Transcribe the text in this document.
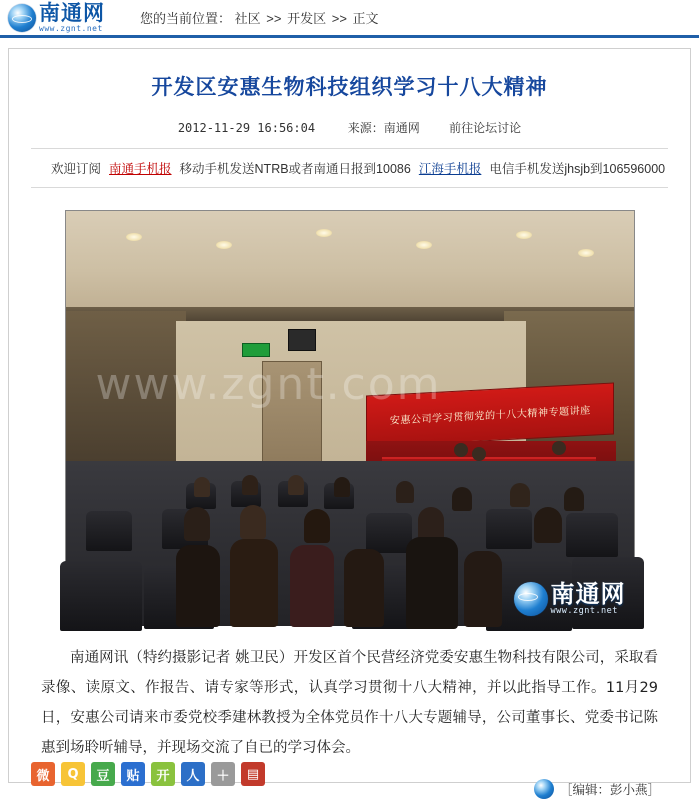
南通网
www.zgnt.net
您的当前位置： 社区 >> 开发区 >> 正文
开发区安惠生物科技组织学习十八大精神
2012-11-29 16:56:04	来源：南通网 前往论坛讨论
欢迎订阅 南通手机报 移动手机发送NTRB或者南通日报到10086 江海手机报 电信手机发送jhsjb到106596000
安惠公司学习贯彻党的十八大精神专题讲座
www.zgnt.com
南通网
www.zgnt.net
南通网讯（特约摄影记者 姚卫民）开发区首个民营经济党委安惠生物科技有限公司，采取看录像、读原文、作报告、请专家等形式，认真学习贯彻十八大精神，并以此指导工作。11月29日，安惠公司请来市委党校季建林教授为全体党员作十八大专题辅导，公司董事长、党委书记陈惠到场聆听辅导，并现场交流了自已的学习体会。
［编辑：彭小燕］
微	Q	豆	贴	开	人	＋	▤
